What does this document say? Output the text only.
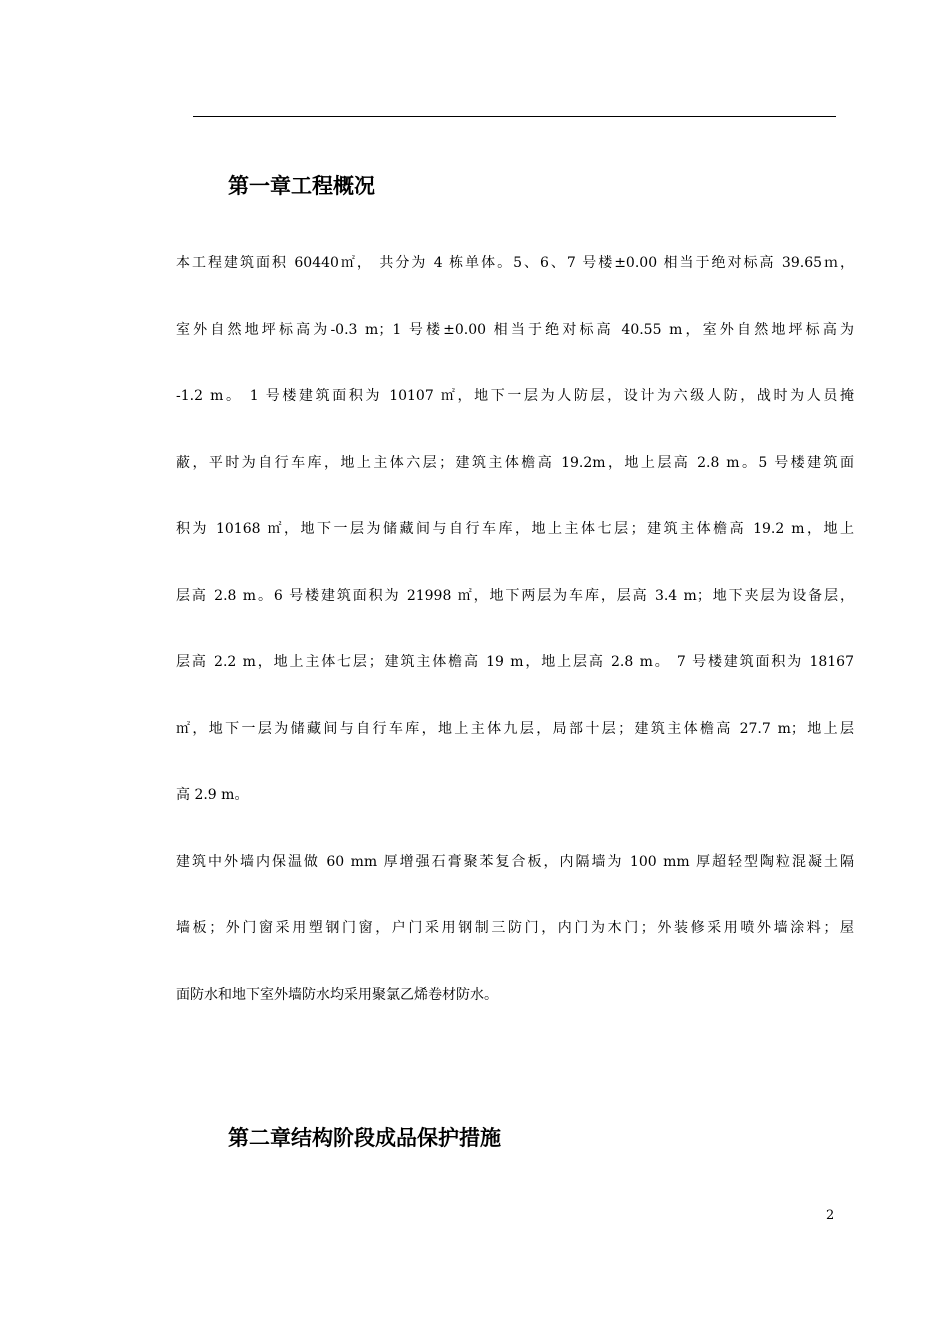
第一章工程概况

本工程建筑面积 60440㎡， 共分为 4 栋单体。5、6、7 号楼±0.00 相当于绝对标高 39.65ｍ，

室外自然地坪标高为-0.3 m；1 号楼±0.00 相当于绝对标高 40.55 m，室外自然地坪标高为

-1.2 m。 1 号楼建筑面积为 10107 ㎡，地下一层为人防层，设计为六级人防，战时为人员掩

蔽，平时为自行车库，地上主体六层；建筑主体檐高 19.2m，地上层高 2.8 m。5 号楼建筑面

积为 10168 ㎡，地下一层为储藏间与自行车库，地上主体七层；建筑主体檐高 19.2 m，地上

层高 2.8 m。6 号楼建筑面积为 21998 ㎡，地下两层为车库，层高 3.4 m；地下夹层为设备层，

层高 2.2 m，地上主体七层；建筑主体檐高 19 m，地上层高 2.8 m。 7 号楼建筑面积为 18167

㎡，地下一层为储藏间与自行车库，地上主体九层，局部十层；建筑主体檐高 27.7 m；地上层

高 2.9 m。

建筑中外墙内保温做 60 mm 厚增强石膏聚苯复合板，内隔墙为 100 mm 厚超轻型陶粒混凝土隔

墙板；外门窗采用塑钢门窗，户门采用钢制三防门，内门为木门；外装修采用喷外墙涂料；屋

面防水和地下室外墙防水均采用聚氯乙烯卷材防水。

第二章结构阶段成品保护措施

2
